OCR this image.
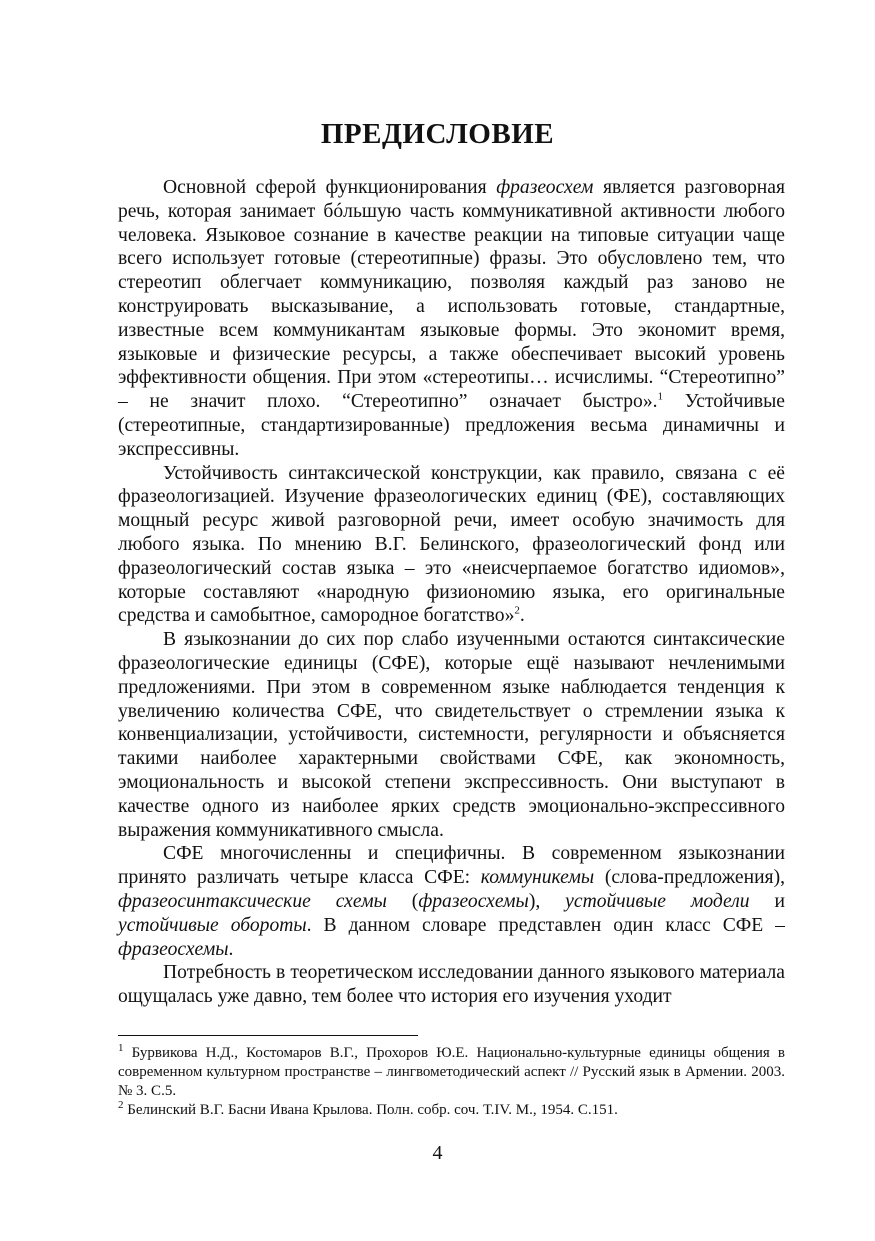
ПРЕДИСЛОВИЕ

Основной сферой функционирования фразеосхем является разговорная речь, которая занимает бóльшую часть коммуникативной активности любого человека. Языковое сознание в качестве реакции на типовые ситуации чаще всего использует готовые (стереотипные) фразы. Это обусловлено тем, что стереотип облегчает коммуникацию, позволяя каждый раз заново не конструировать высказывание, а использовать готовые, стандартные, известные всем коммуникантам языковые формы. Это экономит время, языковые и физические ресурсы, а также обеспечивает высокий уровень эффективности общения. При этом «стереотипы… исчислимы. “Стереотипно” – не значит плохо. “Стереотипно” означает быстро».$^1$ Устойчивые (стереотипные, стандартизированные) предложения весьма динамичны и экспрессивны.

Устойчивость синтаксической конструкции, как правило, связана с её фразеологизацией. Изучение фразеологических единиц (ФЕ), составляющих мощный ресурс живой разговорной речи, имеет особую значимость для любого языка. По мнению В.Г. Белинского, фразеологический фонд или фразеологический состав языка – это «неисчерпаемое богатство идиомов», которые составляют «народную физиономию языка, его оригинальные средства и самобытное, самородное богатство»$^2$.

В языкознании до сих пор слабо изученными остаются синтаксические фразеологические единицы (СФЕ), которые ещё называют нечленимыми предложениями. При этом в современном языке наблюдается тенденция к увеличению количества СФЕ, что свидетельствует о стремлении языка к конвенциализации, устойчивости, системности, регулярности и объясняется такими наиболее характерными свойствами СФЕ, как экономность, эмоциональность и высокой степени экспрессивность. Они выступают в качестве одного из наиболее ярких средств эмоционально-экспрессивного выражения коммуникативного смысла.

СФЕ многочисленны и специфичны. В современном языкознании принято различать четыре класса СФЕ: коммуникемы (слова-предложения), фразеосинтаксические схемы (фразеосхемы), устойчивые модели и устойчивые обороты. В данном словаре представлен один класс СФЕ – фразеосхемы.

Потребность в теоретическом исследовании данного языкового материала ощущалась уже давно, тем более что история его изучения уходит

$^1$ Бурвикова Н.Д., Костомаров В.Г., Прохоров Ю.Е. Национально-культурные единицы общения в современном культурном пространстве – лингвометодический аспект // Русский язык в Армении. 2003. № 3. С.5.

$^2$ Белинский В.Г. Басни Ивана Крылова. Полн. собр. соч. Т.IV. М., 1954. С.151.

4
